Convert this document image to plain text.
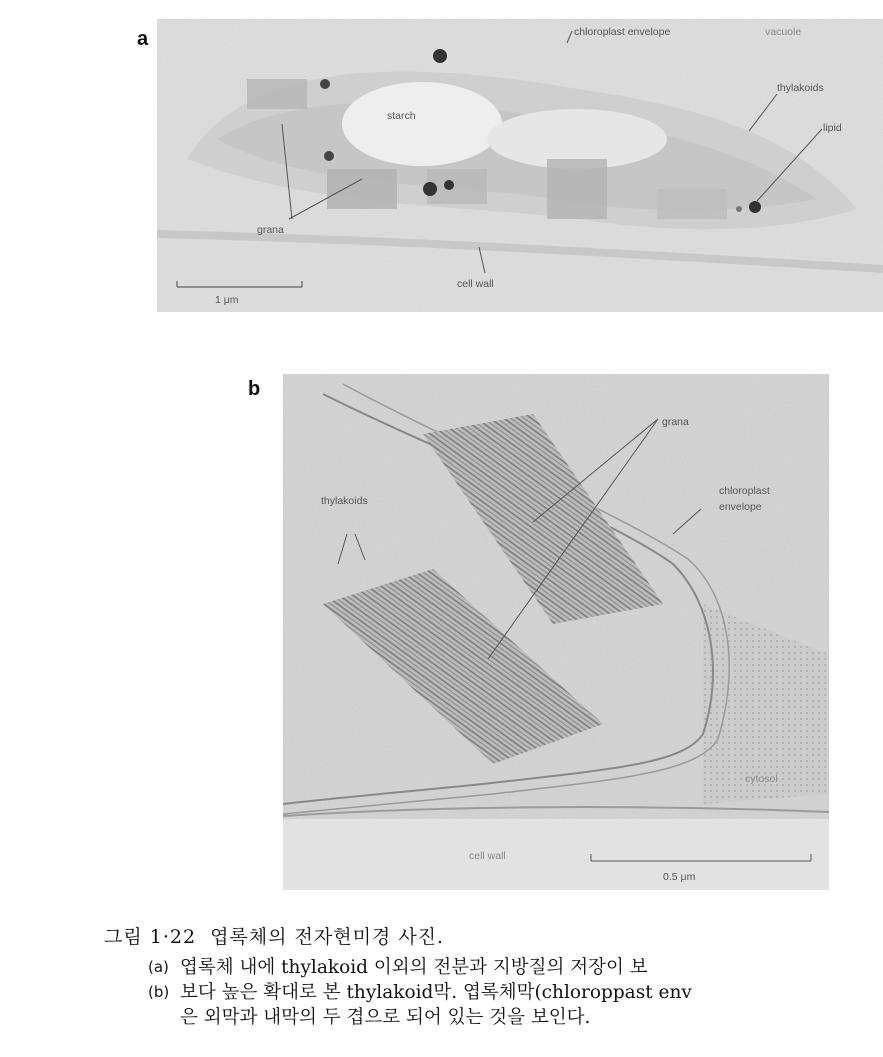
a	chloroplast envelope	vacuole
thylakoids
lipid
starch
grana
cell wall
1 μm
b
grana
thylakoids
chloroplast
envelope
cytosol
cell wall
0.5 μm
그림 1·22 엽록체의 전자현미경 사진.
(a) 엽록체 내에 thylakoid 이외의 전분과 지방질의 저장이 보
(b) 보다 높은 확대로 본 thylakoid막. 엽록체막(chloroppast env
은 외막과 내막의 두 겹으로 되어 있는 것을 보인다.
